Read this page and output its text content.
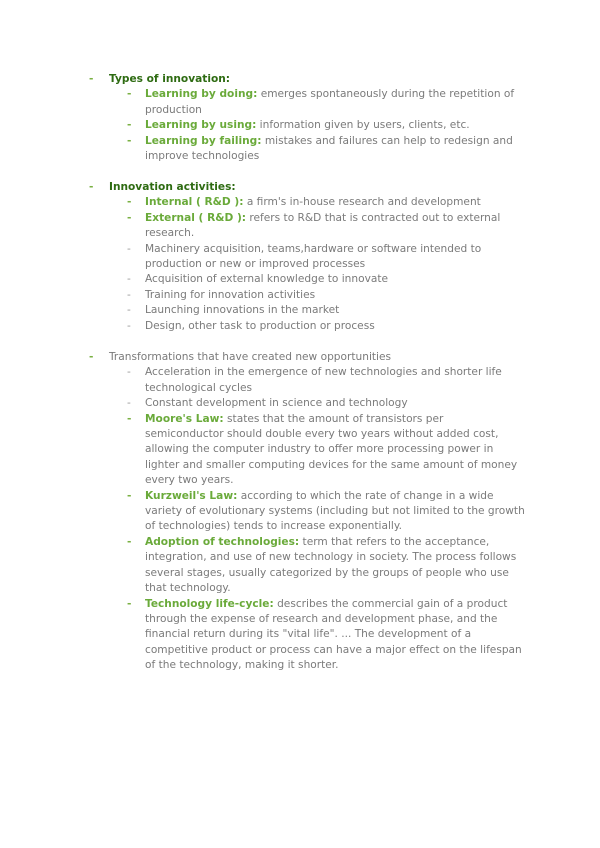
- Types of innovation:
- Learning by doing: emerges spontaneously during the repetition of production
- Learning by using: information given by users, clients, etc.
- Learning by failing: mistakes and failures can help to redesign and improve technologies
- Innovation activities:
- Internal ( R&D ): a firm's in-house research and development
- External ( R&D ): refers to R&D that is contracted out to external research.
- Machinery acquisition, teams,hardware or software intended to production or new or improved processes
- Acquisition of external knowledge to innovate
- Training for innovation activities
- Launching innovations in the market
- Design, other task to production or process
- Transformations that have created new opportunities
- Acceleration in the emergence of new technologies and shorter life technological cycles
- Constant development in science and technology
- Moore's Law: states that the amount of transistors per semiconductor should double every two years without added cost, allowing the computer industry to offer more processing power in lighter and smaller computing devices for the same amount of money every two years.
- Kurzweil's Law: according to which the rate of change in a wide variety of evolutionary systems (including but not limited to the growth of technologies) tends to increase exponentially.
- Adoption of technologies: term that refers to the acceptance, integration, and use of new technology in society. The process follows several stages, usually categorized by the groups of people who use that technology.
- Technology life-cycle: describes the commercial gain of a product through the expense of research and development phase, and the financial return during its "vital life". ... The development of a competitive product or process can have a major effect on the lifespan of the technology, making it shorter.
